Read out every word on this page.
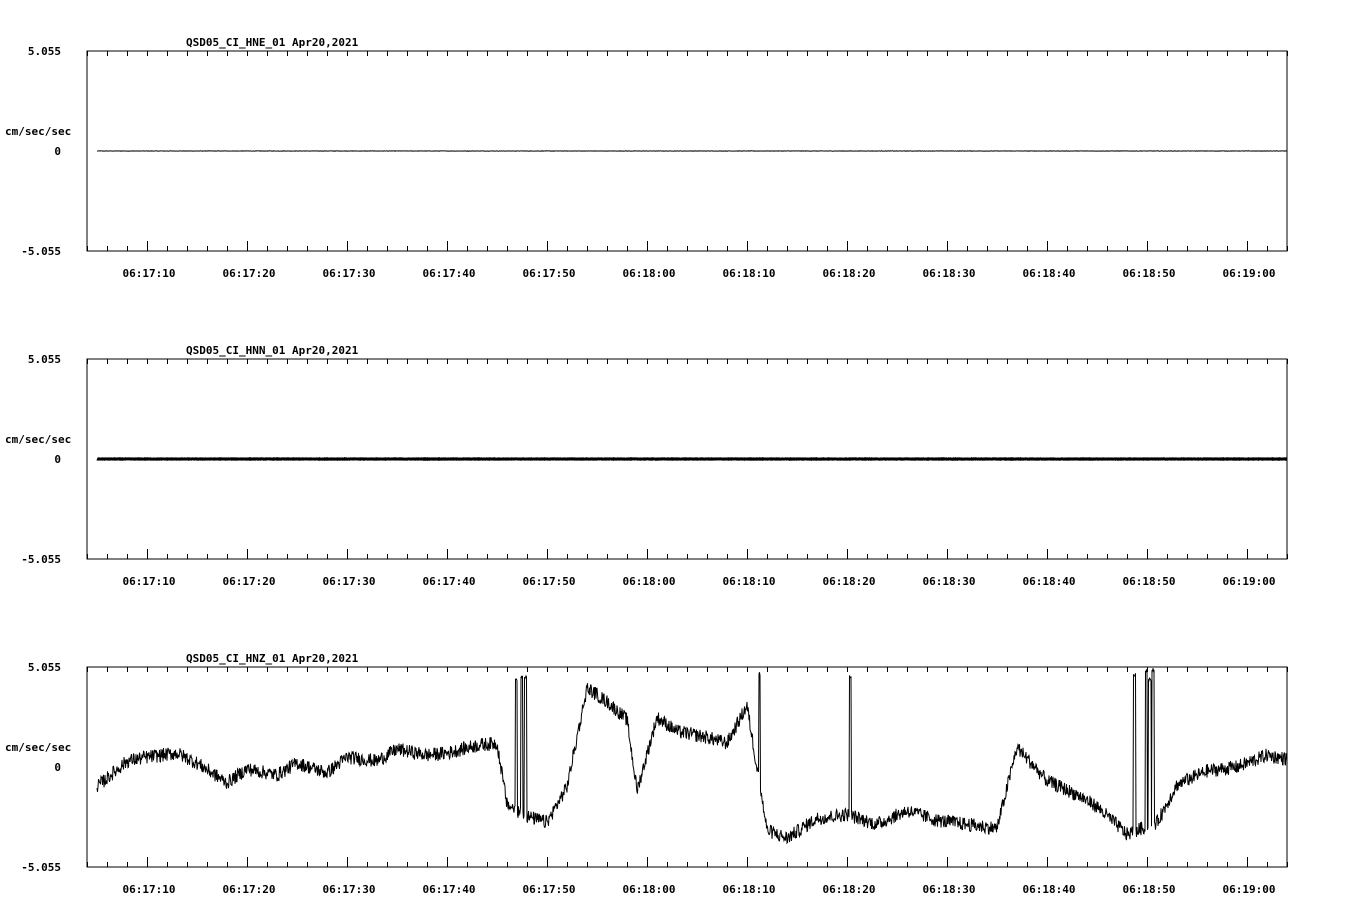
QSD05_CI_HNE_01 Apr20,2021
cm/sec/sec
5.055
0
-5.055
06:17:10	06:17:20	06:17:30	06:17:40	06:17:50	06:18:00	06:18:10	06:18:20	06:18:30	06:18:40	06:18:50	06:19:00
QSD05_CI_HNN_01 Apr20,2021
cm/sec/sec
5.055
0
-5.055
06:17:10	06:17:20	06:17:30	06:17:40	06:17:50	06:18:00	06:18:10	06:18:20	06:18:30	06:18:40	06:18:50	06:19:00
QSD05_CI_HNZ_01 Apr20,2021
cm/sec/sec
5.055
0
-5.055
06:17:10	06:17:20	06:17:30	06:17:40	06:17:50	06:18:00	06:18:10	06:18:20	06:18:30	06:18:40	06:18:50	06:19:00
